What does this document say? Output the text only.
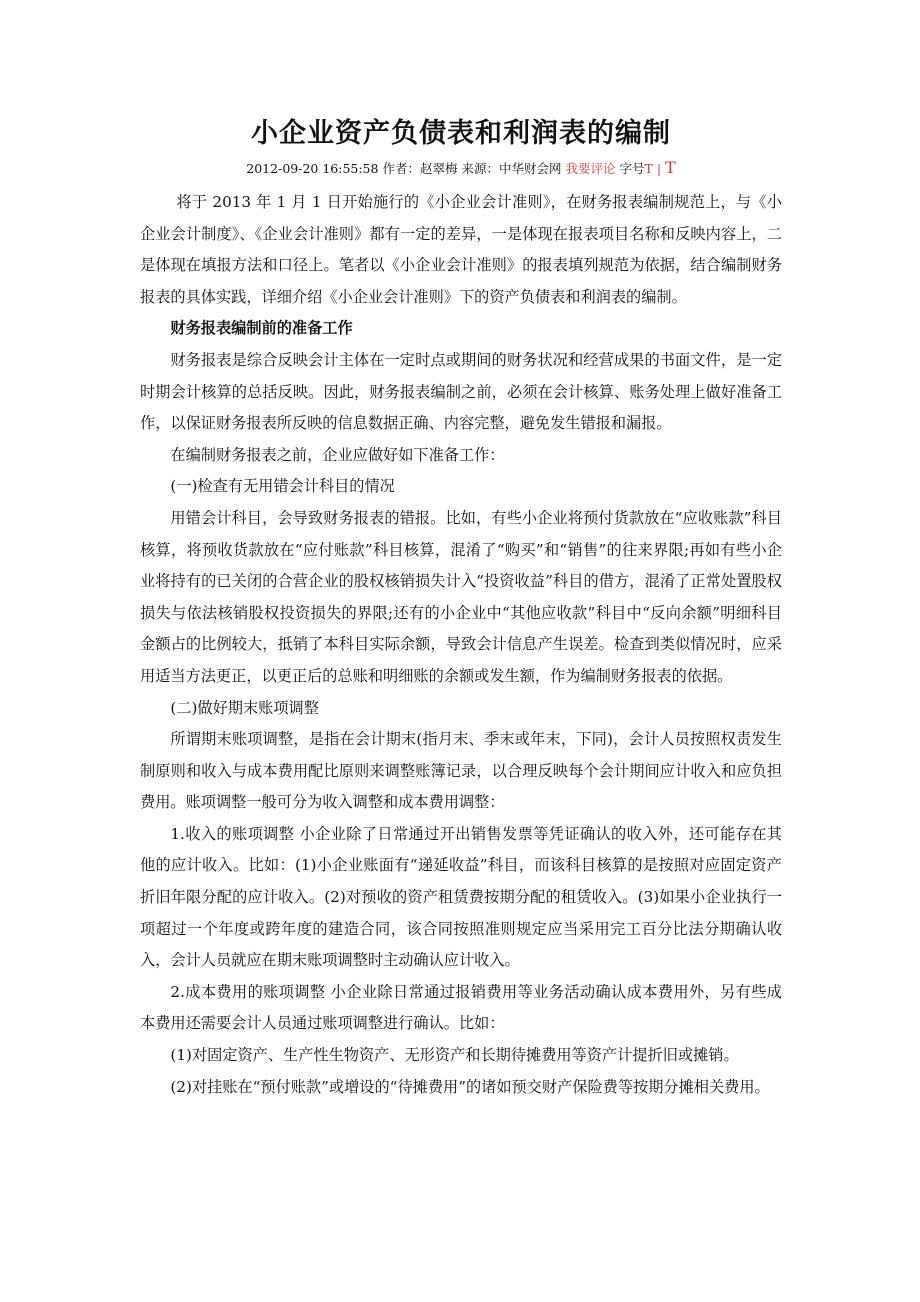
小企业资产负债表和利润表的编制
2012-09-20 16:55:58 作者：赵翠梅 来源：中华财会网 我要评论 字号T | T

将于 2013 年 1 月 1 日开始施行的《小企业会计准则》，在财务报表编制规范上，与《小企业会计制度》、《企业会计准则》都有一定的差异，一是体现在报表项目名称和反映内容上，二是体现在填报方法和口径上。笔者以《小企业会计准则》的报表填列规范为依据，结合编制财务报表的具体实践，详细介绍《小企业会计准则》下的资产负债表和利润表的编制。

财务报表编制前的准备工作

财务报表是综合反映会计主体在一定时点或期间的财务状况和经营成果的书面文件，是一定时期会计核算的总括反映。因此，财务报表编制之前，必须在会计核算、账务处理上做好准备工作，以保证财务报表所反映的信息数据正确、内容完整，避免发生错报和漏报。

在编制财务报表之前，企业应做好如下准备工作：

(一)检查有无用错会计科目的情况

用错会计科目，会导致财务报表的错报。比如，有些小企业将预付货款放在“应收账款”科目核算，将预收货款放在“应付账款”科目核算，混淆了“购买”和“销售”的往来界限;再如有些小企业将持有的已关闭的合营企业的股权核销损失计入“投资收益”科目的借方，混淆了正常处置股权损失与依法核销股权投资损失的界限;还有的小企业中“其他应收款”科目中“反向余额”明细科目金额占的比例较大，抵销了本科目实际余额，导致会计信息产生误差。检查到类似情况时，应采用适当方法更正，以更正后的总账和明细账的余额或发生额，作为编制财务报表的依据。

(二)做好期末账项调整

所谓期末账项调整，是指在会计期末(指月末、季末或年末，下同)，会计人员按照权责发生制原则和收入与成本费用配比原则来调整账簿记录，以合理反映每个会计期间应计收入和应负担费用。账项调整一般可分为收入调整和成本费用调整：

1.收入的账项调整 小企业除了日常通过开出销售发票等凭证确认的收入外，还可能存在其他的应计收入。比如：(1)小企业账面有“递延收益”科目，而该科目核算的是按照对应固定资产折旧年限分配的应计收入。(2)对预收的资产租赁费按期分配的租赁收入。(3)如果小企业执行一项超过一个年度或跨年度的建造合同，该合同按照准则规定应当采用完工百分比法分期确认收入，会计人员就应在期末账项调整时主动确认应计收入。

2.成本费用的账项调整 小企业除日常通过报销费用等业务活动确认成本费用外，另有些成本费用还需要会计人员通过账项调整进行确认。比如：

(1)对固定资产、生产性生物资产、无形资产和长期待摊费用等资产计提折旧或摊销。

(2)对挂账在“预付账款”或增设的“待摊费用”的诸如预交财产保险费等按期分摊相关费用。
